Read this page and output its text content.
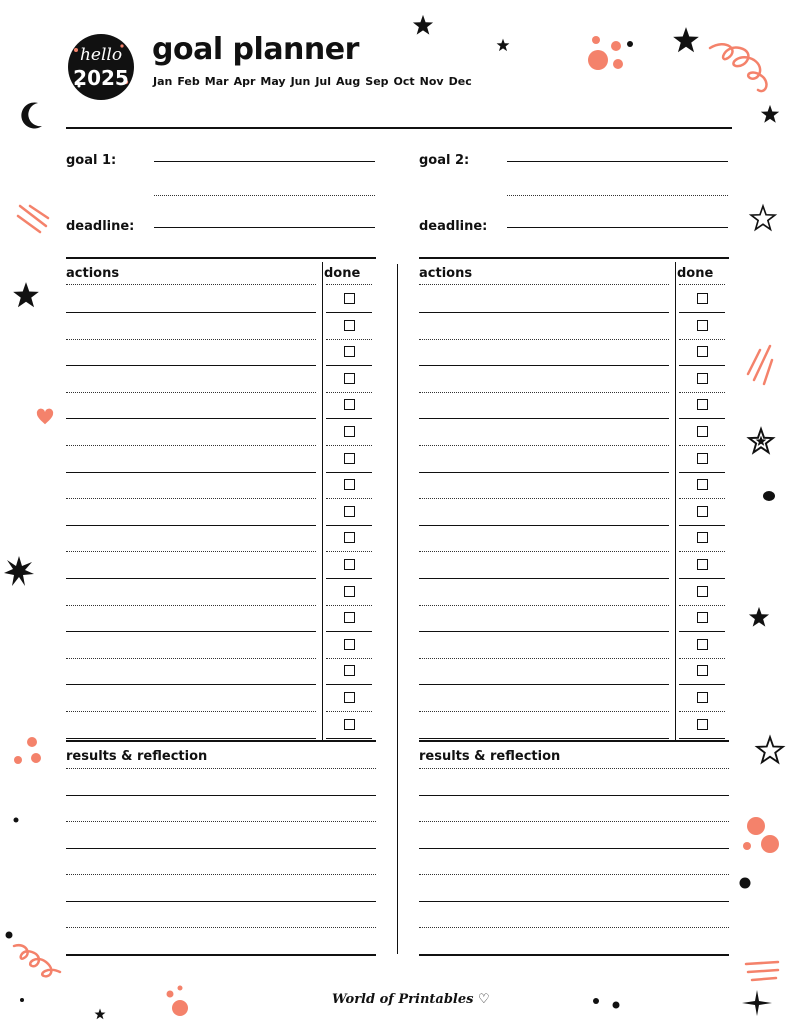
hello
2025
goal planner
Jan Feb Mar Apr May Jun Jul Aug Sep Oct Nov Dec
goal 1:
deadline:
actions	done
results & reflection
goal 2:
deadline:
actions	done
results & reflection
World of Printables ♡
